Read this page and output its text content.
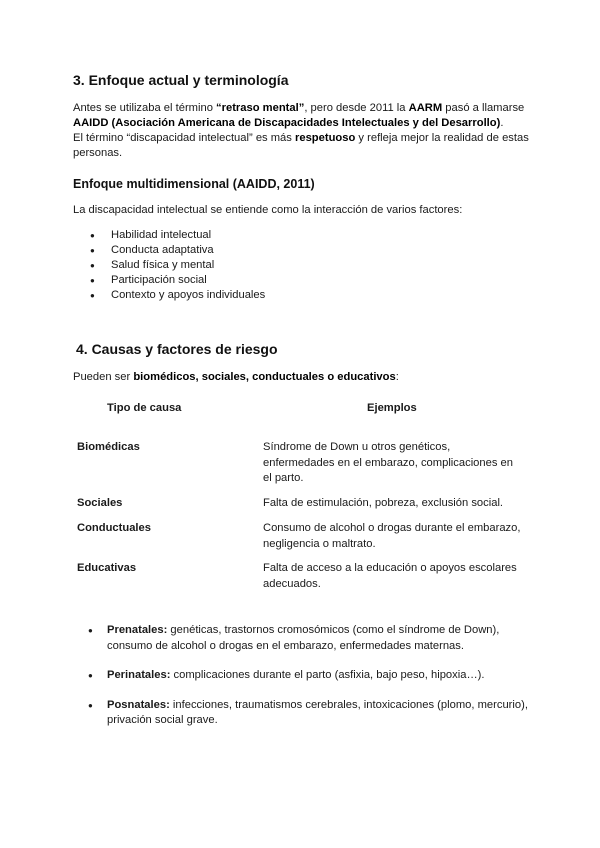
3. Enfoque actual y terminología
Antes se utilizaba el término “retraso mental”, pero desde 2011 la AARM pasó a llamarse
AAIDD (Asociación Americana de Discapacidades Intelectuales y del Desarrollo).
El término “discapacidad intelectual” es más respetuoso y refleja mejor la realidad de estas personas.
Enfoque multidimensional (AAIDD, 2011)
La discapacidad intelectual se entiende como la interacción de varios factores:
● Habilidad intelectual
● Conducta adaptativa
● Salud física y mental
● Participación social
● Contexto y apoyos individuales
4. Causas y factores de riesgo
Pueden ser biomédicos, sociales, conductuales o educativos:
Tipo de causa	Ejemplos
Biomédicas	Síndrome de Down u otros genéticos, enfermedades en el embarazo, complicaciones en el parto.
Sociales	Falta de estimulación, pobreza, exclusión social.
Conductuales	Consumo de alcohol o drogas durante el embarazo, negligencia o maltrato.
Educativas	Falta de acceso a la educación o apoyos escolares adecuados.
● Prenatales: genéticas, trastornos cromosómicos (como el síndrome de Down), consumo de alcohol o drogas en el embarazo, enfermedades maternas.
● Perinatales: complicaciones durante el parto (asfixia, bajo peso, hipoxia…).
● Posnatales: infecciones, traumatismos cerebrales, intoxicaciones (plomo, mercurio), privación social grave.
